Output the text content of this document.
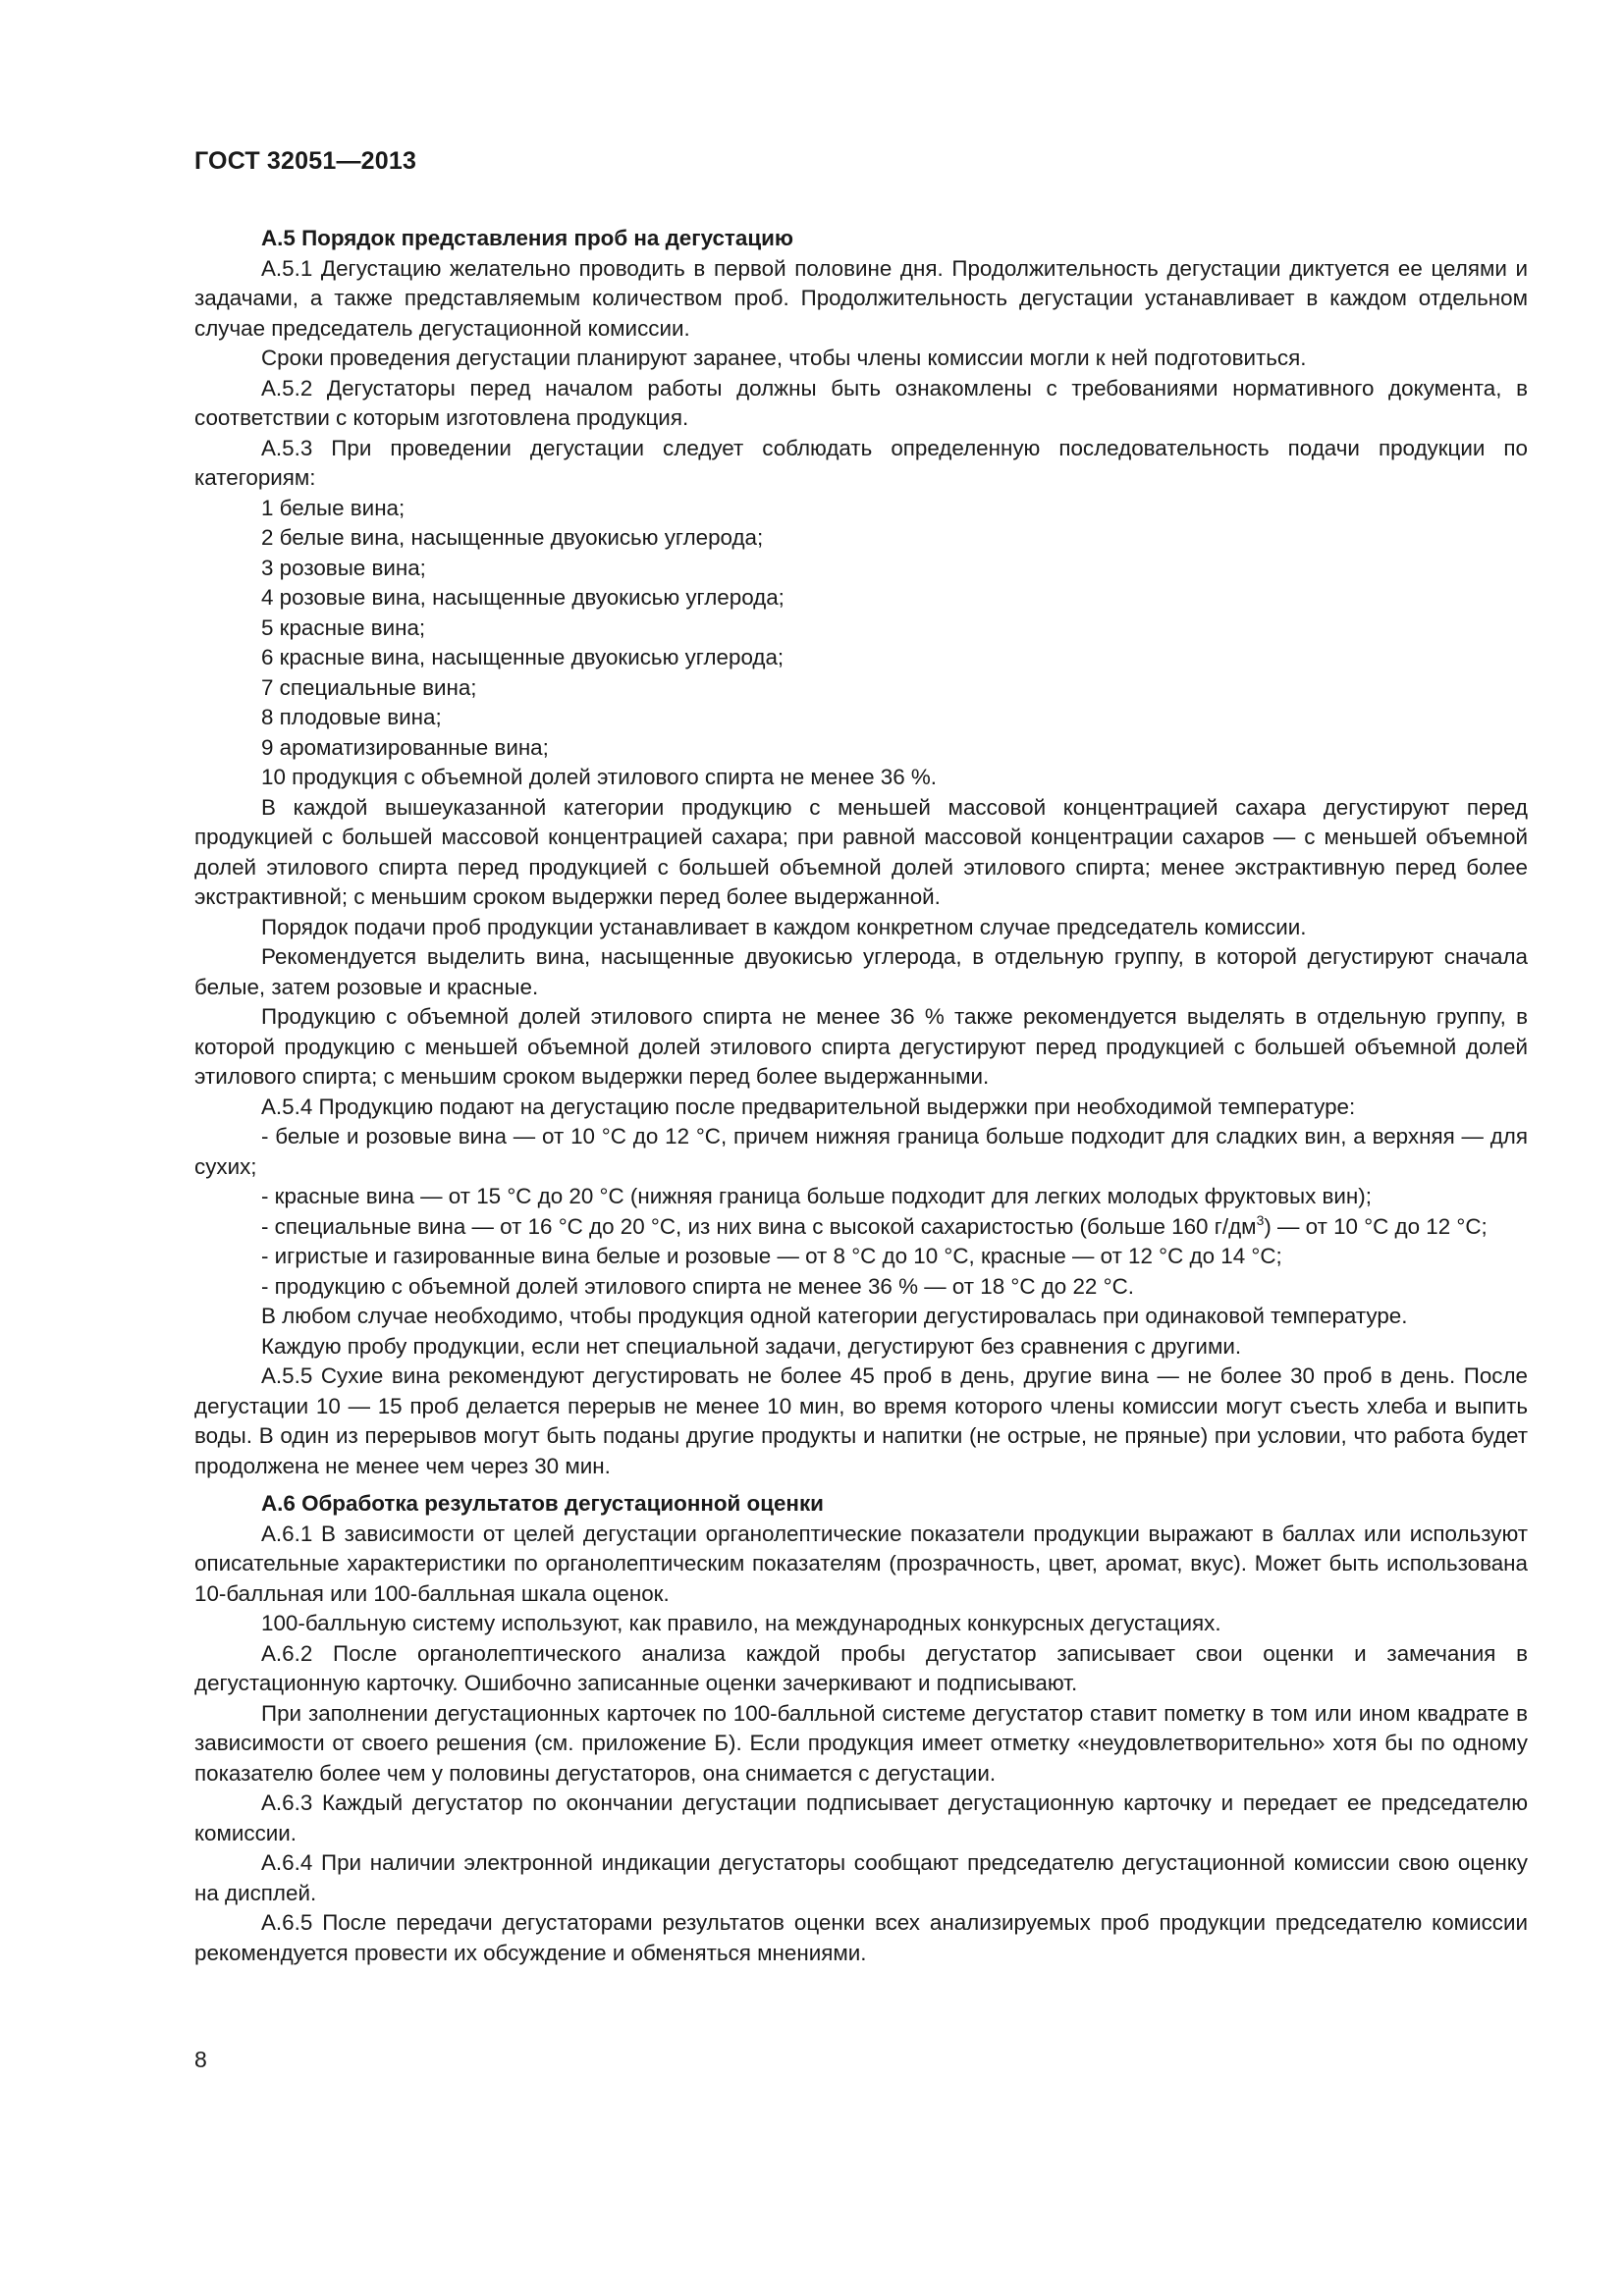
ГОСТ 32051—2013
А.5 Порядок представления проб на дегустацию

А.5.1 Дегустацию желательно проводить в первой половине дня. Продолжительность дегустации диктуется ее целями и задачами, а также представляемым количеством проб. Продолжительность дегустации устанавливает в каждом отдельном случае председатель дегустационной комиссии.

Сроки проведения дегустации планируют заранее, чтобы члены комиссии могли к ней подготовиться.

А.5.2 Дегустаторы перед началом работы должны быть ознакомлены с требованиями нормативного документа, в соответствии с которым изготовлена продукция.

А.5.3 При проведении дегустации следует соблюдать определенную последовательность подачи продукции по категориям:

1 белые вина;

2 белые вина, насыщенные двуокисью углерода;

3 розовые вина;

4 розовые вина, насыщенные двуокисью углерода;

5 красные вина;

6 красные вина, насыщенные двуокисью углерода;

7 специальные вина;

8 плодовые вина;

9 ароматизированные вина;

10 продукция с объемной долей этилового спирта не менее 36 %.

В каждой вышеуказанной категории продукцию с меньшей массовой концентрацией сахара дегустируют перед продукцией с большей массовой концентрацией сахара; при равной массовой концентрации сахаров — с меньшей объемной долей этилового спирта перед продукцией с большей объемной долей этилового спирта; менее экстрактивную перед более экстрактивной; с меньшим сроком выдержки перед более выдержанной.

Порядок подачи проб продукции устанавливает в каждом конкретном случае председатель комиссии.

Рекомендуется выделить вина, насыщенные двуокисью углерода, в отдельную группу, в которой дегустируют сначала белые, затем розовые и красные.

Продукцию с объемной долей этилового спирта не менее 36 % также рекомендуется выделять в отдельную группу, в которой продукцию с меньшей объемной долей этилового спирта дегустируют перед продукцией с большей объемной долей этилового спирта; с меньшим сроком выдержки перед более выдержанными.

А.5.4 Продукцию подают на дегустацию после предварительной выдержки при необходимой температуре:

- белые и розовые вина — от 10 °С до 12 °С, причем нижняя граница больше подходит для сладких вин, а верхняя — для сухих;

- красные вина — от 15 °С до 20 °С (нижняя граница больше подходит для легких молодых фруктовых вин);

- специальные вина — от 16 °С до 20 °С, из них вина с высокой сахаристостью (больше 160 $г/дм^3$) — от 10 °С до 12 °С;

- игристые и газированные вина белые и розовые — от 8 °С до 10 °С, красные — от 12 °С до 14 °С;

- продукцию с объемной долей этилового спирта не менее 36 % — от 18 °С до 22 °С.

В любом случае необходимо, чтобы продукция одной категории дегустировалась при одинаковой температуре.

Каждую пробу продукции, если нет специальной задачи, дегустируют без сравнения с другими.

А.5.5 Сухие вина рекомендуют дегустировать не более 45 проб в день, другие вина — не более 30 проб в день. После дегустации 10 — 15 проб делается перерыв не менее 10 мин, во время которого члены комиссии могут съесть хлеба и выпить воды. В один из перерывов могут быть поданы другие продукты и напитки (не острые, не пряные) при условии, что работа будет продолжена не менее чем через 30 мин.

А.6 Обработка результатов дегустационной оценки

А.6.1 В зависимости от целей дегустации органолептические показатели продукции выражают в баллах или используют описательные характеристики по органолептическим показателям (прозрачность, цвет, аромат, вкус). Может быть использована 10-балльная или 100-балльная шкала оценок.

100-балльную систему используют, как правило, на международных конкурсных дегустациях.

А.6.2 После органолептического анализа каждой пробы дегустатор записывает свои оценки и замечания в дегустационную карточку. Ошибочно записанные оценки зачеркивают и подписывают.

При заполнении дегустационных карточек по 100-балльной системе дегустатор ставит пометку в том или ином квадрате в зависимости от своего решения (см. приложение Б). Если продукция имеет отметку «неудовлетворительно» хотя бы по одному показателю более чем у половины дегустаторов, она снимается с дегустации.

А.6.3 Каждый дегустатор по окончании дегустации подписывает дегустационную карточку и передает ее председателю комиссии.

А.6.4 При наличии электронной индикации дегустаторы сообщают председателю дегустационной комиссии свою оценку на дисплей.

А.6.5 После передачи дегустаторами результатов оценки всех анализируемых проб продукции председателю комиссии рекомендуется провести их обсуждение и обменяться мнениями.

8
